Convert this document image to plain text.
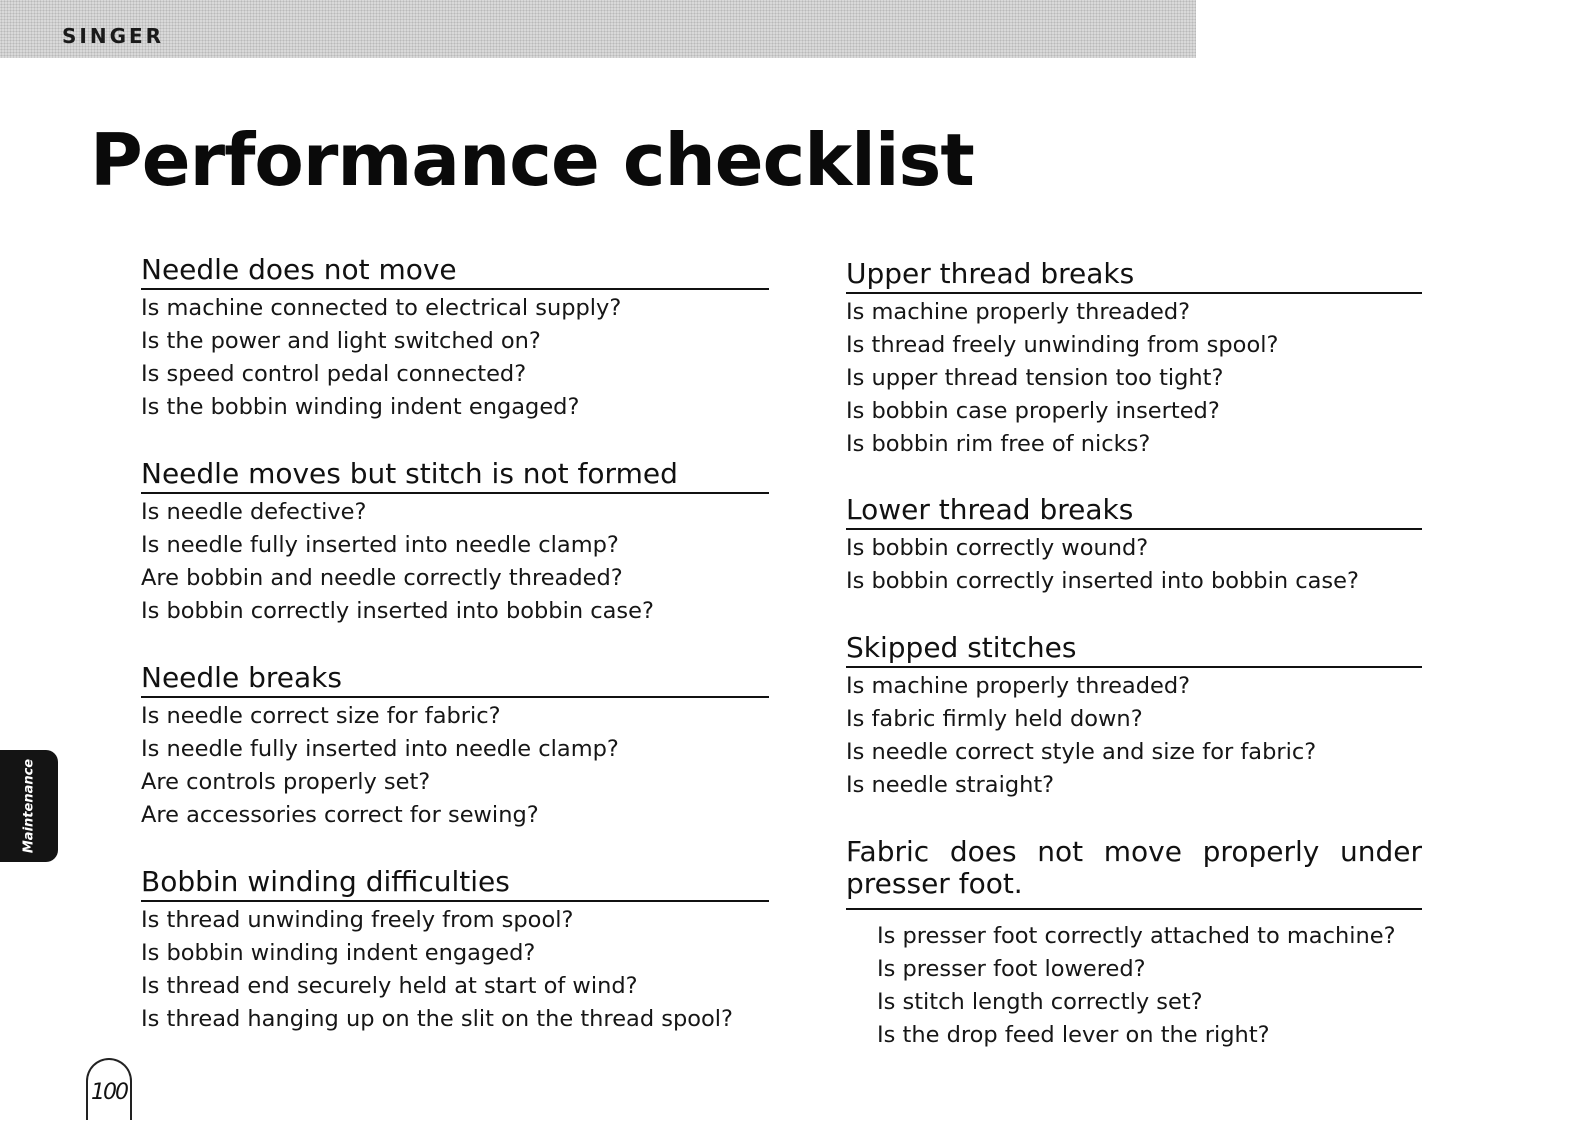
SINGER
Performance checklist
Needle does not move
Is machine connected to electrical supply?
Is the power and light switched on?
Is speed control pedal connected?
Is the bobbin winding indent engaged?
Needle moves but stitch is not formed
Is needle defective?
Is needle fully inserted into needle clamp?
Are bobbin and needle correctly threaded?
Is bobbin correctly inserted into bobbin case?
Needle breaks
Is needle correct size for fabric?
Is needle fully inserted into needle clamp?
Are controls properly set?
Are accessories correct for sewing?
Bobbin winding difficulties
Is thread unwinding freely from spool?
Is bobbin winding indent engaged?
Is thread end securely held at start of wind?
Is thread hanging up on the slit on the thread spool?
Upper thread breaks
Is machine properly threaded?
Is thread freely unwinding from spool?
Is upper thread tension too tight?
Is bobbin case properly inserted?
Is bobbin rim free of nicks?
Lower thread breaks
Is bobbin correctly wound?
Is bobbin correctly inserted into bobbin case?
Skipped stitches
Is machine properly threaded?
Is fabric firmly held down?
Is needle correct style and size for fabric?
Is needle straight?
Fabric does not move properly under presser foot.
Is presser foot correctly attached to machine?
Is presser foot lowered?
Is stitch length correctly set?
Is the drop feed lever on the right?
Maintenance
100
